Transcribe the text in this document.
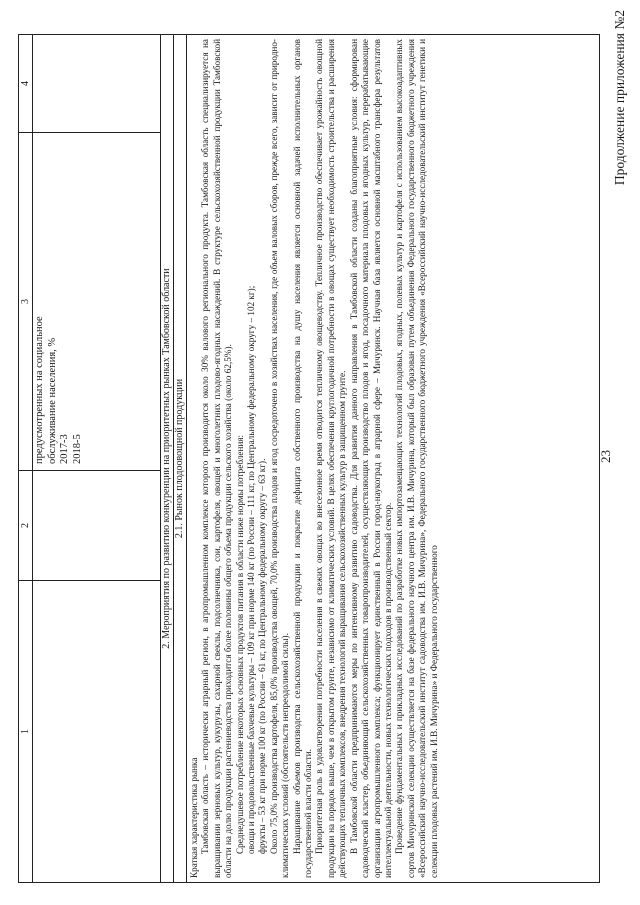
23
Продолжение приложения №2
1
2
3
4
предусмотренных на социальное обслуживание населения, % 2017-3 2018-5	2. Мероприятия по развитию конкуренции на приоритетных рынках Тамбовской области 2.1. Рынок плодоовощной продукции

Краткая характеристика рынка Тамбовская область – исторически аграрный регион, в агропромышленном комплексе которого производится около 30% валового регионального продукта. Тамбовская область специализируется на выращивании зерновых культур, кукурузы, сахарной свеклы, подсолнечника, сои, картофеля, овощей и многолетних плодово-ягодных насаждений. В структуре сельскохозяйственной продукции Тамбовской области на долю продукции растениеводства приходится более половины общего объема продукции сельского хозяйства (около 62,5%). Среднедушевое потребление некоторых основных продуктов питания в области ниже нормы потребления: овощи и продовольственные бахчевые культуры – 109 кг при норме 140 кг (по России – 111 кг, по Центральному федеральному округу – 102 кг); фрукты – 53 кг при норме 100 кг (по России – 61 кг, по Центральному федеральному округу – 63 кг). Около 75,0% производства картофеля, 85,0% производства овощей, 70,0% производства плодов и ягод сосредоточено в хозяйствах населения, где объем валовых сборов, прежде всего, зависит от природно-климатических условий (обстоятельств непреодолимой силы). Наращивание объемов производства сельскохозяйственной продукции и покрытие дефицита собственного производства на душу населения является основной задачей исполнительных органов государственной власти области. Приоритетная роль в удовлетворении потребности населения в свежих овощах во внесезонное время отводится тепличному овощеводству. Тепличное производство обеспечивает урожайность овощной продукции на порядок выше, чем в открытом грунте, независимо от климатических условий. В целях обеспечения круглогодичной потребности в овощах существует необходимость строительства и расширения действующих тепличных комплексов, внедрения технологий выращивания сельскохозяйственных культур в защищенном грунте. В Тамбовской области предпринимаются меры по интенсивному развитию садоводства. Для развития данного направления в Тамбовской области созданы благоприятные условия: сформирован садоводческий кластер, объединяющий сельскохозяйственных товаропроизводителей, осуществляющих производство плодов и ягод, посадочного материала плодовых и ягодных культур, перерабатывающие организации агропромышленного комплекса; функционирует единственный в России город-наукоград в аграрной сфере – Мичуринск. Научная база является основной масштабного трансфера результатов интеллектуальной деятельности, новых технологических подходов в производственный сектор. Проведение фундаментальных и прикладных исследований по разработке новых импортозамещающих технологий плодовых, ягодных, полевых культур и картофеля с использованием высокоадаптивных сортов Мичуринской селекции осуществляется на базе федерального научного центра им. И.В. Мичурина, который был образован путем объединения Федерального государственного бюджетного учреждения «Всероссийский научно-исследовательский институт садоводства им. И.В. Мичурина», Федерального государственного бюджетного учреждения «Всероссийский научно-исследовательский институт генетики и селекции плодовых растений им. И.В. Мичурина» и Федерального государственного
